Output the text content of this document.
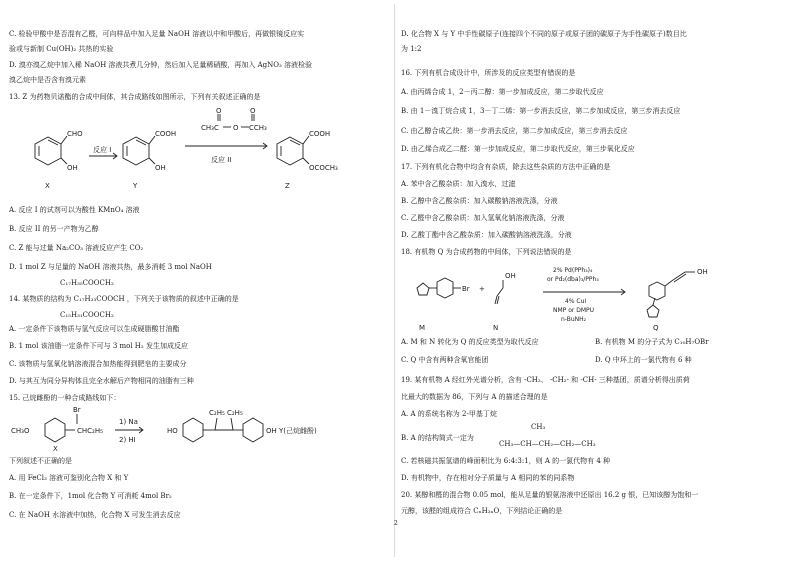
C. 检验甲酸中是否混有乙醛，可向样品中加入足量 NaOH 溶液以中和甲酸后，再做银镜反应实
验或与新制 Cu(OH)₂ 共热的实验
D. 溴亦溴乙烷中加入稀 NaOH 溶液共煮几分钟，然后加入足量稀硝酸，再加入 AgNO₃ 溶液检验
溴乙烷中是否含有溴元素
13. Z 为药物贝诺酯的合成中间体，其合成路线如图所示，下列有关叙述正确的是
CHO
OH
反应 I
COOH
OH
CH₃C	CCH₃
O
O
O
反应 II
COOH
OCOCH₃
X	Y	Z
A. 反应 I 的试剂可以为酸性 KMnO₄ 溶液
B. 反应 II 的另一产物为乙醇
C. Z 能与过量 Na₂CO₃ 溶液反应产生 CO₂
D. 1 mol Z 与足量的 NaOH 溶液共热，最多消耗 3 mol NaOH
C₁₇H₃₅COOCH₂
14. 某物质的结构为 C₁₇H₃₃COOCH ，下列关于该物质的叙述中正确的是
C₁₅H₃₁COOCH₂
A. 一定条件下该物质与氢气反应可以生成硬脂酸甘油酯
B. 1 mol 该油脂一定条件下可与 3 mol H₂ 发生加成反应
C. 该物质与氢氧化钠溶液混合加热能得到肥皂的主要成分
D. 与其互为同分异构体且完全水解后产物相同的油脂有三种
15. 己烷雌酚的一种合成路线如下：
CH₃O
Br
CHC₂H₅
X
1) Na
2) HI
C₂H₅ C₂H₅
HO	OH Y(己烷雌酚)
下列叙述不正确的是
A. 用 FeCl₃ 溶液可鉴别化合物 X 和 Y
B. 在一定条件下，1mol 化合物 Y 可消耗 4mol Br₂
C. 在 NaOH 水溶液中加热，化合物 X 可发生消去反应
D. 化合物 X 与 Y 中手性碳原子(连接四个不同的原子或原子团的碳原子为手性碳原子)数目比
为 1:2
16. 下列有机合成设计中，所涉及的反应类型有错误的是
A. 由丙烯合成 1，2－丙二醇：第一步加成反应，第二步取代反应
B. 由 1－溴丁烷合成 1，3－丁二烯：第一步消去反应，第二步加成反应，第三步消去反应
C. 由乙醇合成乙炔：第一步消去反应，第二步加成反应，第三步消去反应
D. 由乙烯合成乙二醛：第一步加成反应，第二步取代反应，第三步氧化反应
17. 下列有机化合物中均含有杂质，除去这些杂质的方法中正确的是
A. 苯中含乙酸杂质：加入溴水，过滤
B. 乙醇中含乙酸杂质：加入碳酸钠溶液洗涤，分液
C. 乙醛中含乙酸杂质：加入氢氧化钠溶液洗涤，分液
D. 乙酸丁酯中含乙酸杂质：加入碳酸钠溶液洗涤，分液
18. 有机物 Q 为合成药物的中间体，下列说法错误的是
Br +
OH	OH
2% Pd(PPh₃)₄
or Pd₂(dba)₃/PPh₃
4% CuI
NMP or DMPU
n-BuNH₂
M	N	Q
A. M 和 N 转化为 Q 的反应类型为取代反应	B. 有机物 M 的分子式为 C₁₀H₇OBr
C. Q 中含有两种含氧官能团	D. Q 中环上的一氯代物有 6 种
19. 某有机物 A 经红外光谱分析，含有 -CH₃、 -CH₂- 和 -CH- 三种基团，质谱分析得出质荷
比最大的数据为 86，下列与 A 的描述合理的是
A. A 的系统名称为 2-甲基丁烷
B. A 的结构简式一定为
CH₃
CH₃—CH—CH₂—CH₂—CH₃
C. 若核磁共振氢谱的峰面积比为 6:4:3:1，则 A 的一氯代物有 4 种
D. 有机物中，存在相对分子质量与 A 相同的苯的同系物
20. 某醇和醛的混合物 0.05 mol，能从足量的银氨溶液中还原出 16.2 g 银，已知该醇为饱和一
元醇，该醛的组成符合 CₙH₂ₙO，下列结论正确的是
2
